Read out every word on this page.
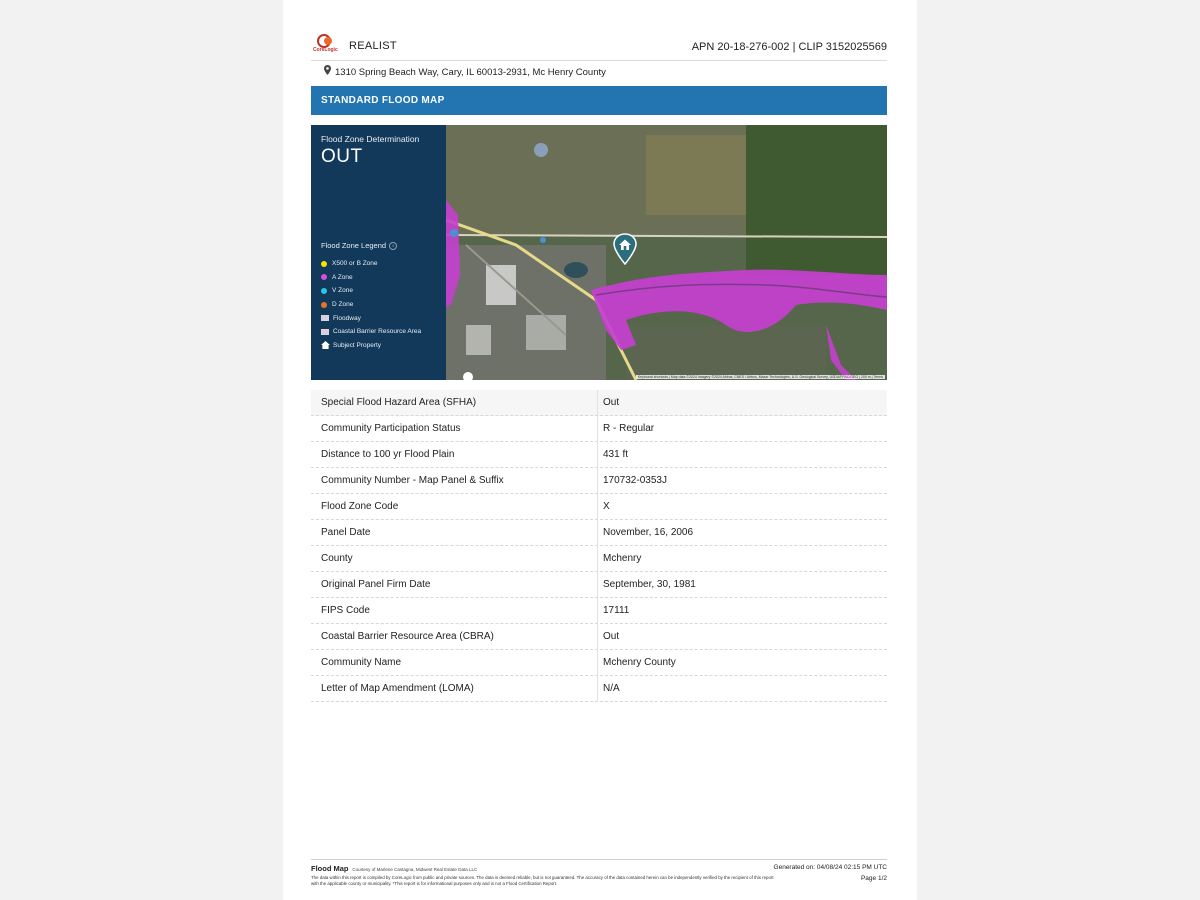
CoreLogic REALIST	APN 20-18-276-002 | CLIP 3152025569
1310 Spring Beach Way, Cary, IL 60013-2931, Mc Henry County
STANDARD FLOOD MAP
Flood Zone Determination
OUT
Flood Zone Legend i
X500 or B Zone
A Zone
V Zone
D Zone
Floodway
Coastal Barrier Resource Area
Subject Property
Keyboard shortcuts | Map data ©2024 Imagery ©2024 Airbus, CNES / Airbus, Maxar Technologies, U.S. Geological Survey, USDA/FPAC/GEO | 200 m | Terms
Special Flood Hazard Area (SFHA)	Out
Community Participation Status	R - Regular
Distance to 100 yr Flood Plain	431 ft
Community Number - Map Panel & Suffix	170732-0353J
Flood Zone Code	X
Panel Date	November, 16, 2006
County	Mchenry
Original Panel Firm Date	September, 30, 1981
FIPS Code	17111
Coastal Barrier Resource Area (CBRA)	Out
Community Name	Mchenry County
Letter of Map Amendment (LOMA)	N/A
Flood Map Courtesy of Marlene Castagna, Midwest Real Estate Data LLC
The data within this report is compiled by CoreLogic from public and private sources. The data is deemed reliable, but is not guaranteed. The accuracy of the data contained herein can be independently verified by the recipient of this report with the applicable county or municipality. *This report is for informational purposes only and is not a Flood Certification Report.
Generated on: 04/08/24 02:15 PM UTC
Page 1/2
